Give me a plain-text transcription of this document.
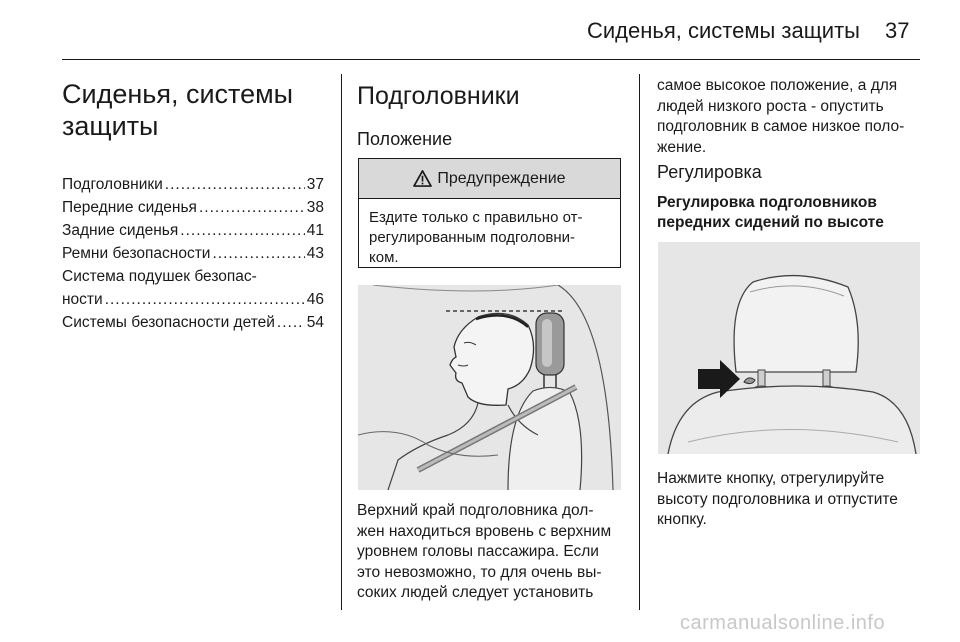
Сиденья, системы защиты 37
Сиденья, системы
защиты
Подголовники .....	37
Передние сиденья .....	38
Задние сиденья .....	41
Ремни безопасности .....	43
Система подушек безопас-
ности .....	46
Системы безопасности детей ..... 54
Подголовники
Положение
Предупреждение

Ездите только с правильно от-

регулированным подголовни-

ком.

Верхний край подголовника дол-

жен находиться вровень с верхним

уровнем головы пассажира. Если

это невозможно, то для очень вы-

соких людей следует установить

самое высокое положение, а для

людей низкого роста - опустить

подголовник в самое низкое поло-

жение.

Регулировка

Регулировка подголовников

передних сидений по высоте

Нажмите кнопку, отрегулируйте

высоту подголовника и отпустите

кнопку.

carmanualsonline.info
